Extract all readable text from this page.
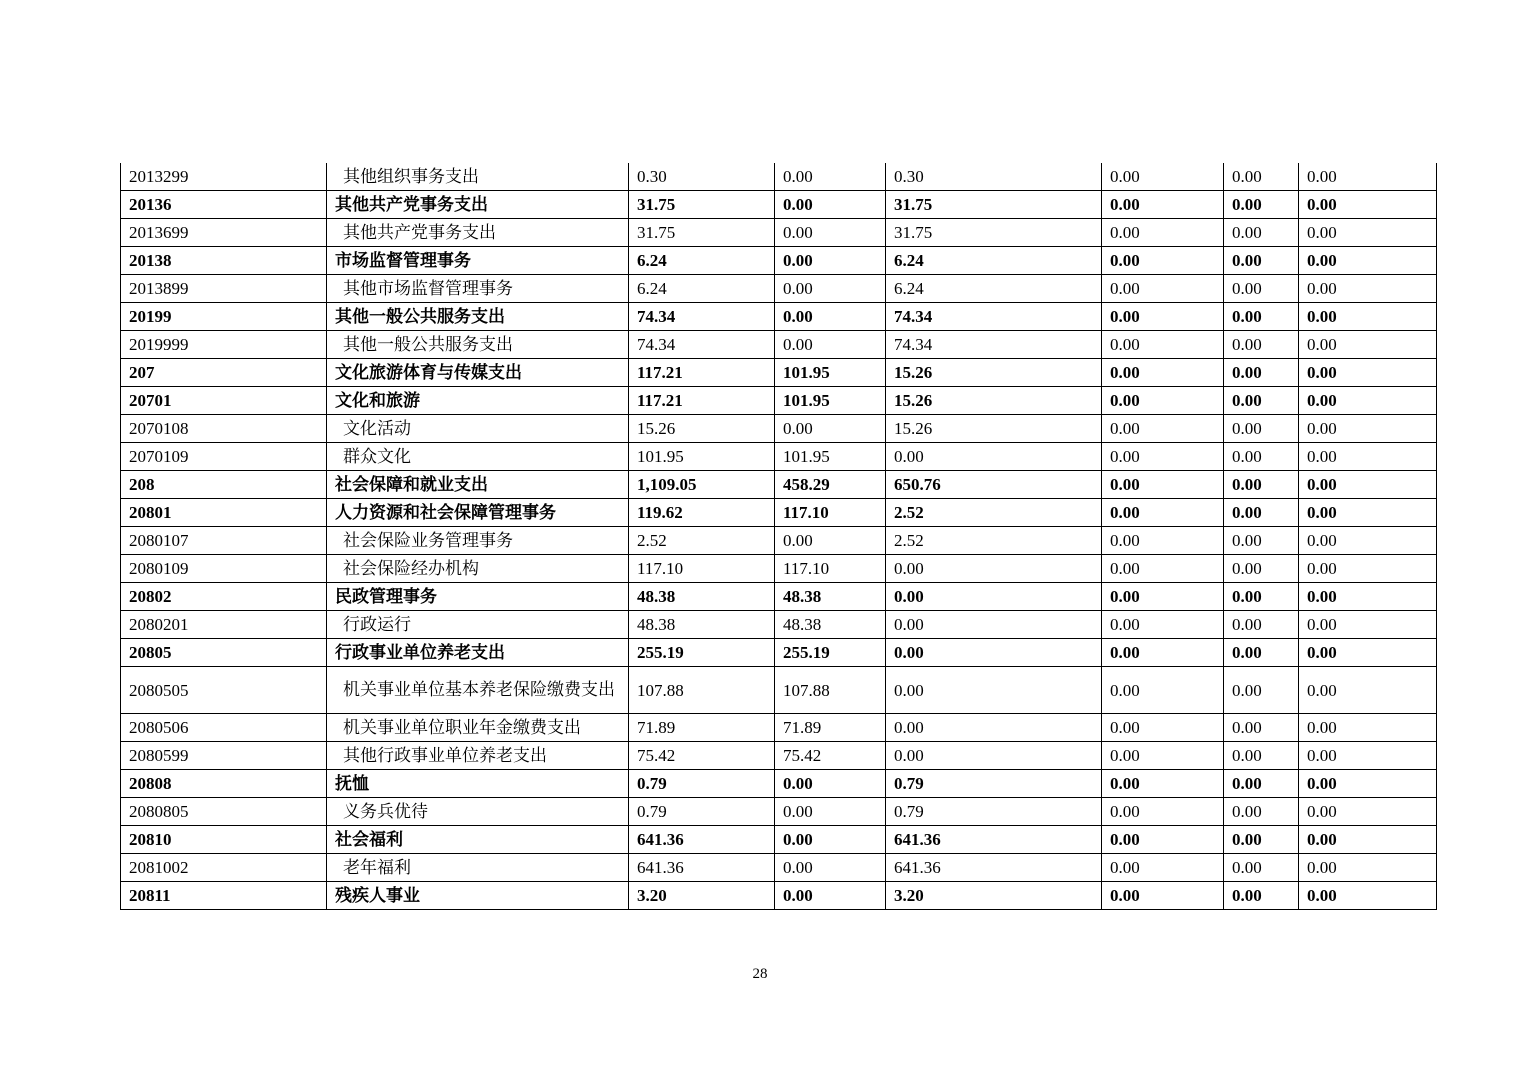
2013299	其他组织事务支出	0.30	0.00	0.30	0.00	0.00	0.00
20136	其他共产党事务支出	31.75	0.00	31.75	0.00	0.00	0.00
2013699	其他共产党事务支出	31.75	0.00	31.75	0.00	0.00	0.00
20138	市场监督管理事务	6.24	0.00	6.24	0.00	0.00	0.00
2013899	其他市场监督管理事务	6.24	0.00	6.24	0.00	0.00	0.00
20199	其他一般公共服务支出	74.34	0.00	74.34	0.00	0.00	0.00
2019999	其他一般公共服务支出	74.34	0.00	74.34	0.00	0.00	0.00
207	文化旅游体育与传媒支出	117.21	101.95	15.26	0.00	0.00	0.00
20701	文化和旅游	117.21	101.95	15.26	0.00	0.00	0.00
2070108	文化活动	15.26	0.00	15.26	0.00	0.00	0.00
2070109	群众文化	101.95	101.95	0.00	0.00	0.00	0.00
208	社会保障和就业支出	1,109.05	458.29	650.76	0.00	0.00	0.00
20801	人力资源和社会保障管理事务	119.62	117.10	2.52	0.00	0.00	0.00
2080107	社会保险业务管理事务	2.52	0.00	2.52	0.00	0.00	0.00
2080109	社会保险经办机构	117.10	117.10	0.00	0.00	0.00	0.00
20802	民政管理事务	48.38	48.38	0.00	0.00	0.00	0.00
2080201	行政运行	48.38	48.38	0.00	0.00	0.00	0.00
20805	行政事业单位养老支出	255.19	255.19	0.00	0.00	0.00	0.00
2080505	机关事业单位基本养老保险缴费支出	107.88	107.88	0.00	0.00	0.00	0.00
2080506	机关事业单位职业年金缴费支出	71.89	71.89	0.00	0.00	0.00	0.00
2080599	其他行政事业单位养老支出	75.42	75.42	0.00	0.00	0.00	0.00
20808	抚恤	0.79	0.00	0.79	0.00	0.00	0.00
2080805	义务兵优待	0.79	0.00	0.79	0.00	0.00	0.00
20810	社会福利	641.36	0.00	641.36	0.00	0.00	0.00
2081002	老年福利	641.36	0.00	641.36	0.00	0.00	0.00
20811	残疾人事业	3.20	0.00	3.20	0.00	0.00	0.00
28
